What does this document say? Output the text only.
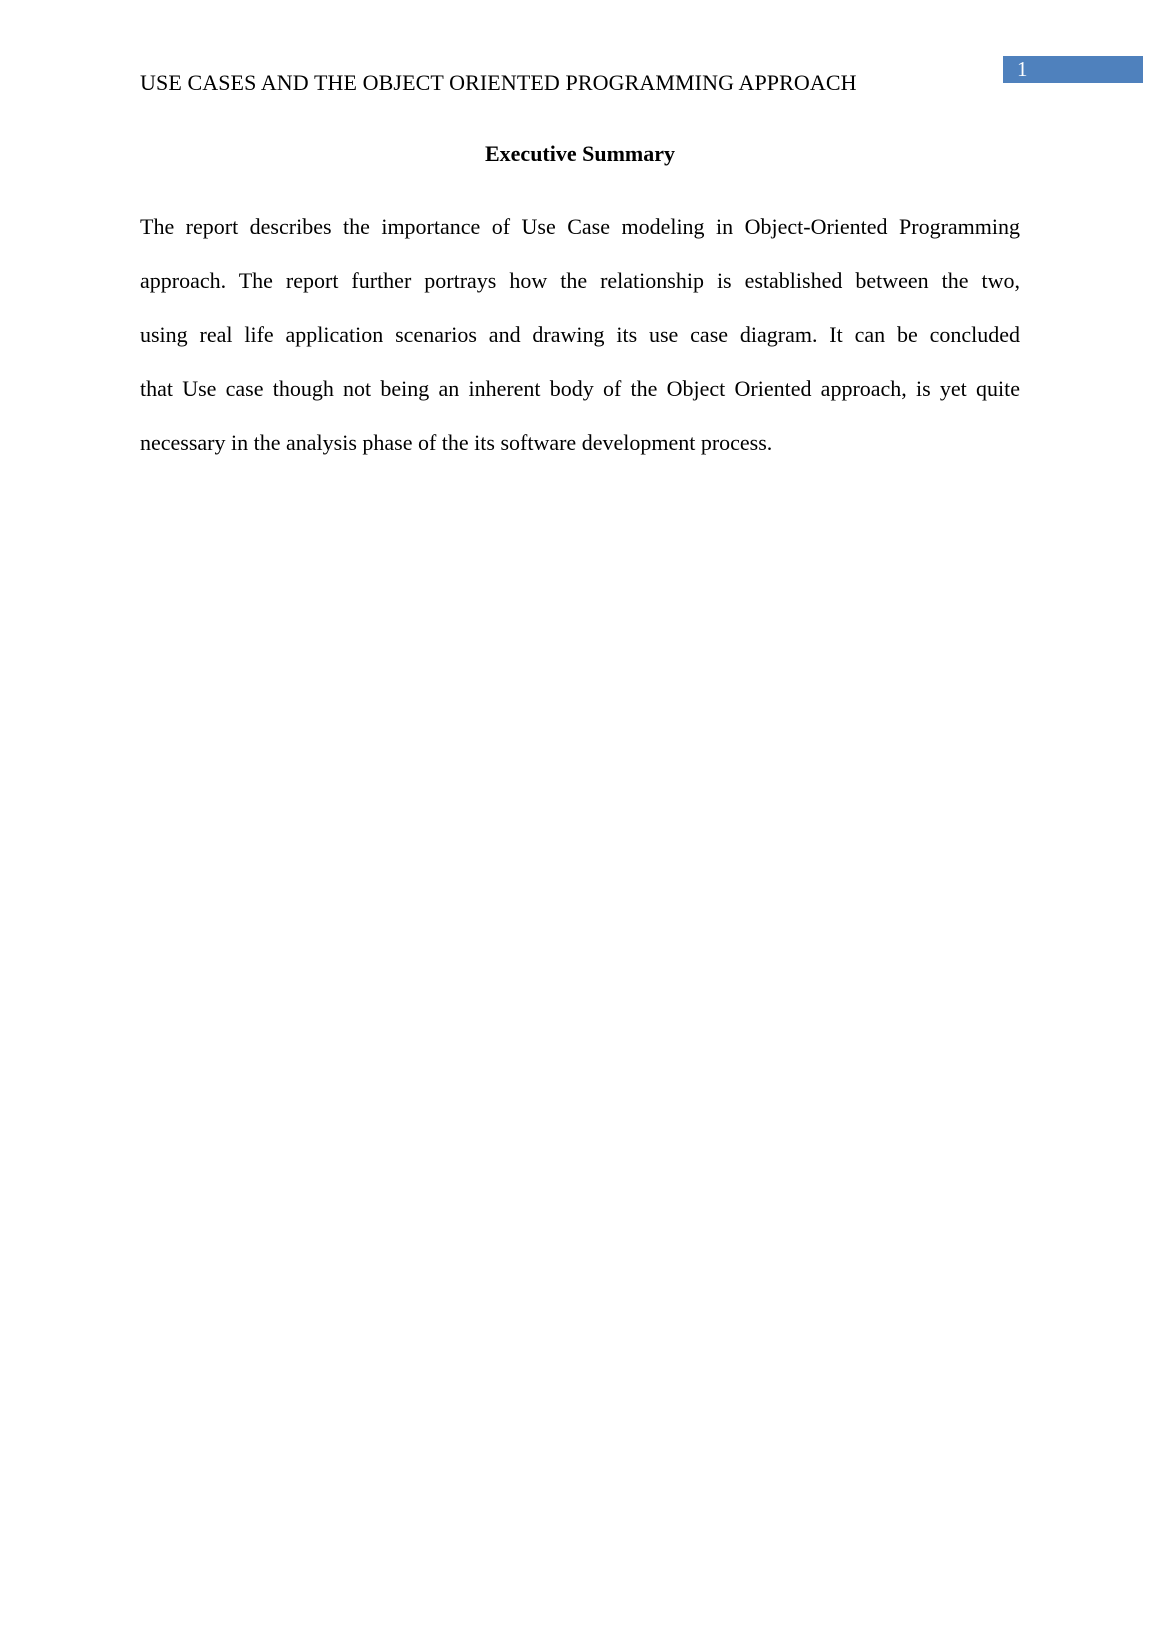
USE CASES AND THE OBJECT ORIENTED PROGRAMMING APPROACH
1
Executive Summary
The report describes the importance of Use Case modeling in Object-Oriented Programming
approach. The report further portrays how the relationship is established between the two,
using real life application scenarios and drawing its use case diagram. It can be concluded
that Use case though not being an inherent body of the Object Oriented approach, is yet quite
necessary in the analysis phase of the its software development process.
